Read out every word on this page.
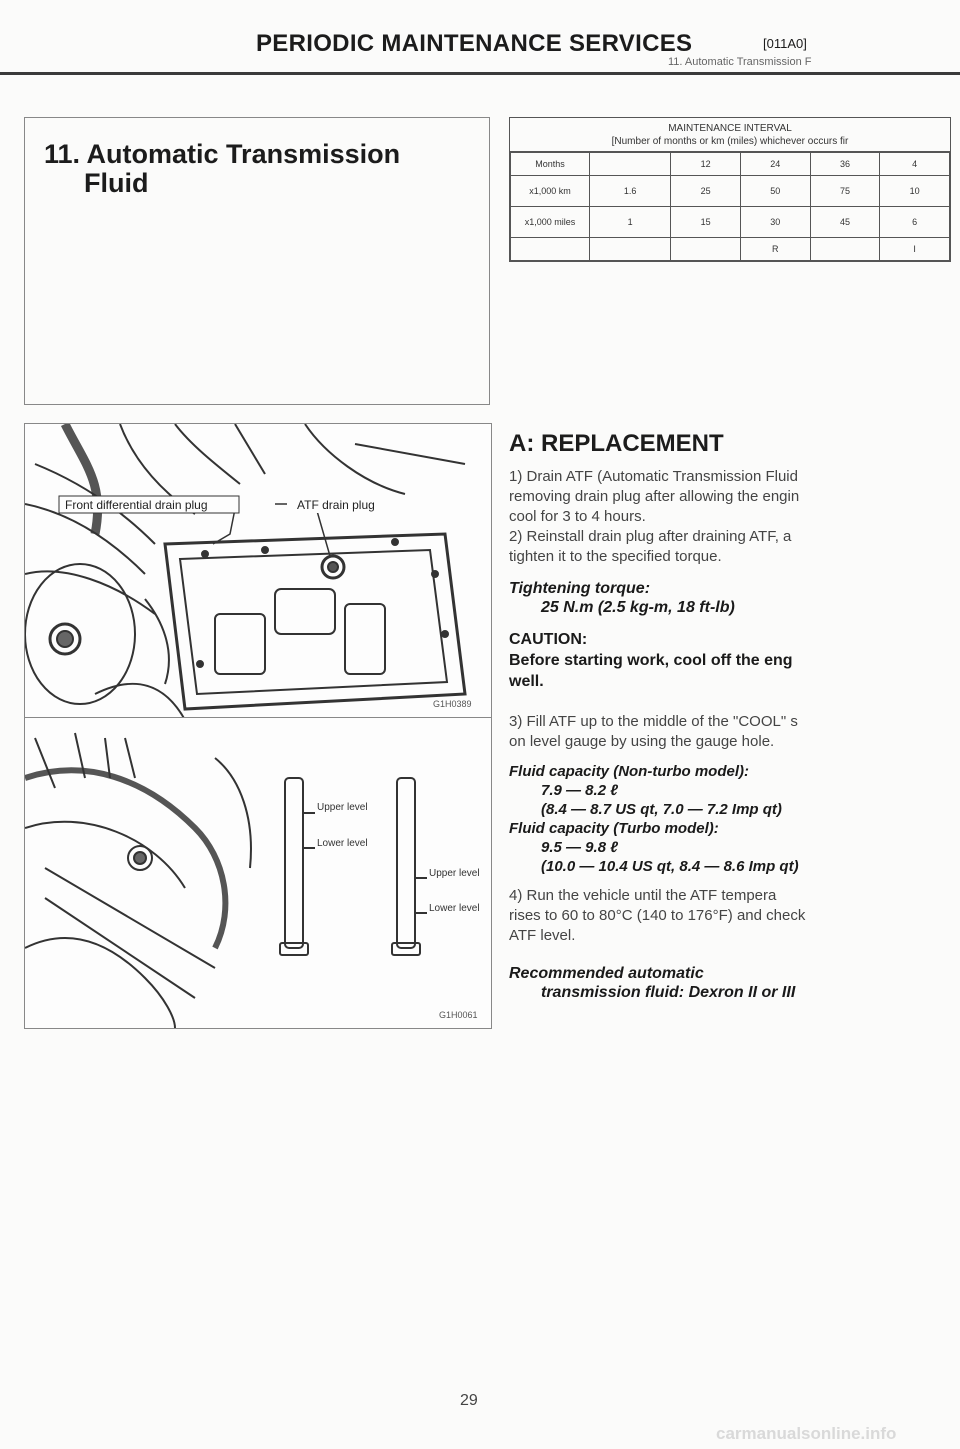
PERIODIC MAINTENANCE SERVICES	[011A0]
11. Automatic Transmission F
11. Automatic Transmission
Fluid
Front differential drain plug	ATF drain plug
G1H0389
Upper level
Lower level
Upper level
Lower level
G1H0061
MAINTENANCE INTERVAL
[Number of months or km (miles) whichever occurs fir
Months		12	24	36	4
x1,000 km	1.6	25	50	75	10
x1,000 miles	1	15	30	45	6
			R		I
A: REPLACEMENT
1) Drain ATF (Automatic Transmission Fluid
removing drain plug after allowing the engin
cool for 3 to 4 hours.
2) Reinstall drain plug after draining ATF, a
tighten it to the specified torque.
Tightening torque:
25 N.m (2.5 kg-m, 18 ft-lb)
CAUTION:
Before starting work, cool off the eng
well.
3) Fill ATF up to the middle of the "COOL" s
on level gauge by using the gauge hole.
Fluid capacity (Non-turbo model):
7.9 — 8.2 ℓ
(8.4 — 8.7 US qt, 7.0 — 7.2 Imp qt)
Fluid capacity (Turbo model):
9.5 — 9.8 ℓ
(10.0 — 10.4 US qt, 8.4 — 8.6 Imp qt)
4) Run the vehicle until the ATF tempera
rises to 60 to 80°C (140 to 176°F) and check
ATF level.
Recommended automatic
transmission fluid: Dexron II or III
29
carmanualsonline.info
